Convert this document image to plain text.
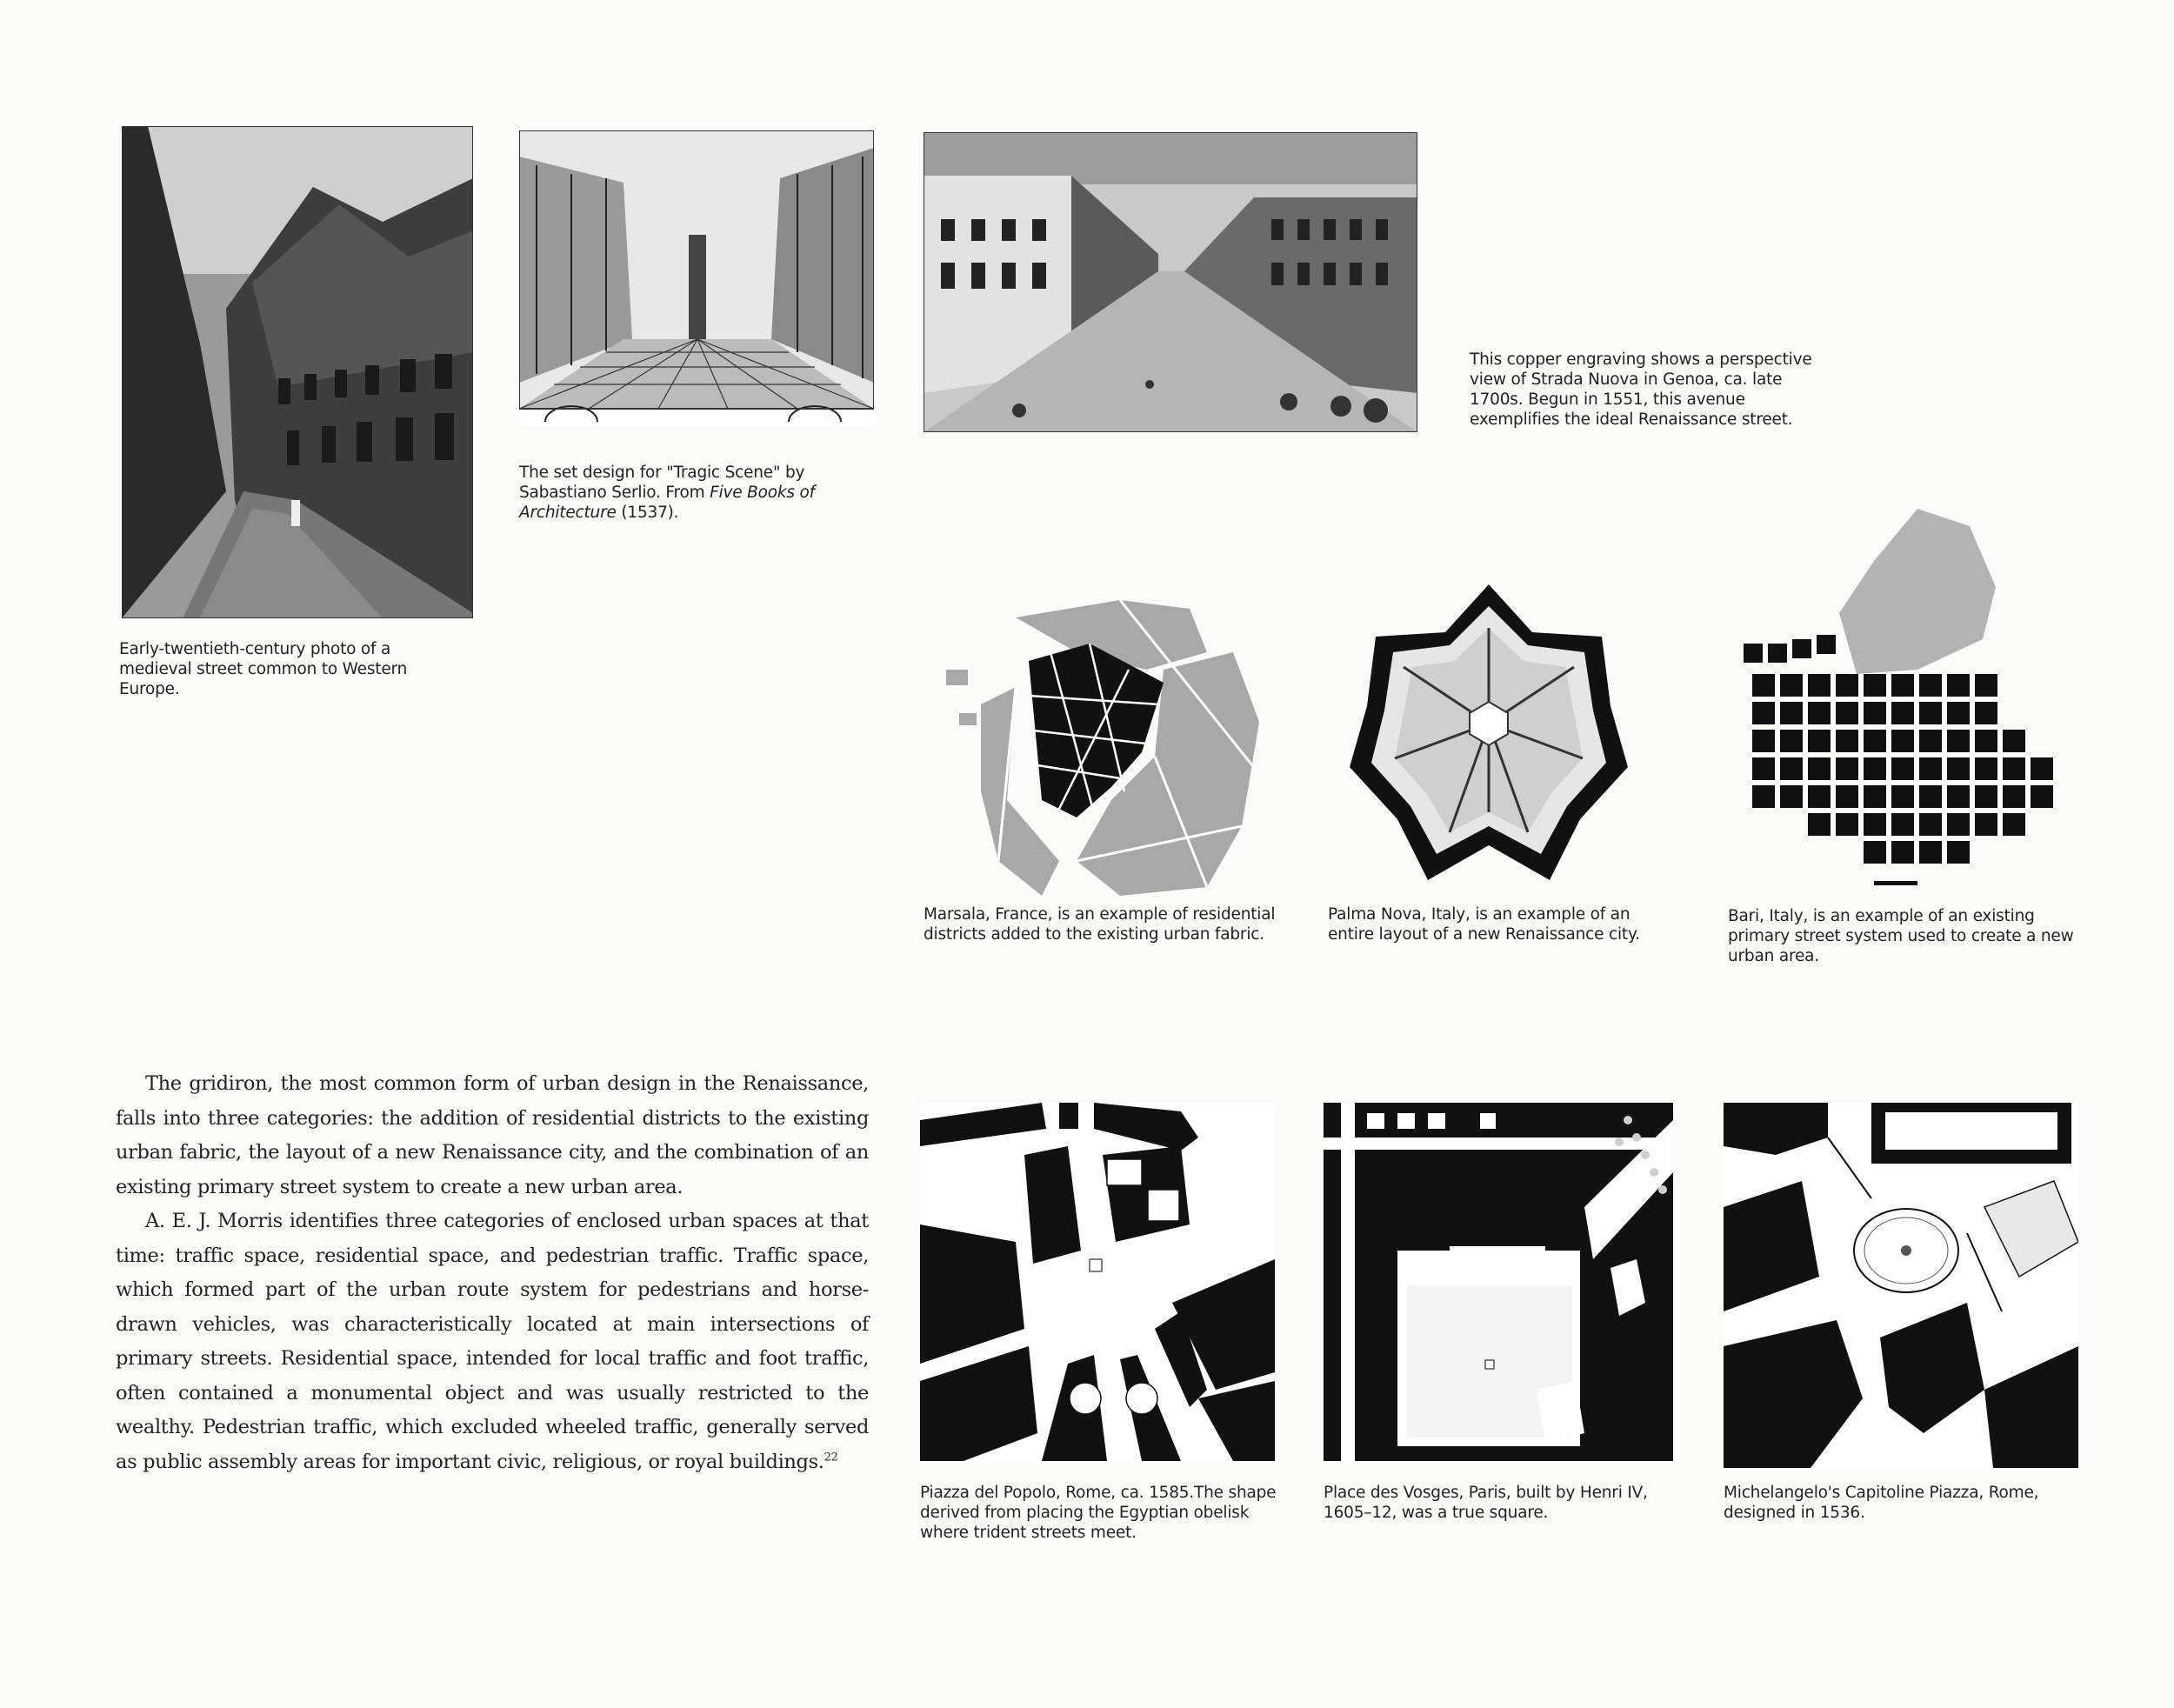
Early-twentieth-century photo of a medieval street common to Western Europe.
The set design for "Tragic Scene" by Sabastiano Serlio. From Five Books of Architecture (1537).
This copper engraving shows a perspective view of Strada Nuova in Genoa, ca. late 1700s. Begun in 1551, this avenue exemplifies the ideal Renaissance street.
Marsala, France, is an example of residential districts added to the existing urban fabric.
Palma Nova, Italy, is an example of an entire layout of a new Renaissance city.
Bari, Italy, is an example of an existing primary street system used to create a new urban area.

The gridiron, the most common form of urban design in the Renaissance, falls into three categories: the addition of residential districts to the existing urban fabric, the layout of a new Renaissance city, and the combination of an existing primary street system to create a new urban area.

A. E. J. Morris identifies three categories of enclosed urban spaces at that time: traffic space, residential space, and pedestrian traffic. Traffic space, which formed part of the urban route system for pedestrians and horse-drawn vehicles, was characteristically located at main intersections of primary streets. Residential space, intended for local traffic and foot traffic, often contained a monumental object and was usually restricted to the wealthy. Pedestrian traffic, which excluded wheeled traffic, generally served as public assembly areas for important civic, religious, or royal buildings.$^{22}$

Piazza del Popolo, Rome, ca. 1585.The shape derived from placing the Egyptian obelisk where trident streets meet.
Place des Vosges, Paris, built by Henri IV, 1605–12, was a true square.
Michelangelo's Capitoline Piazza, Rome, designed in 1536.
